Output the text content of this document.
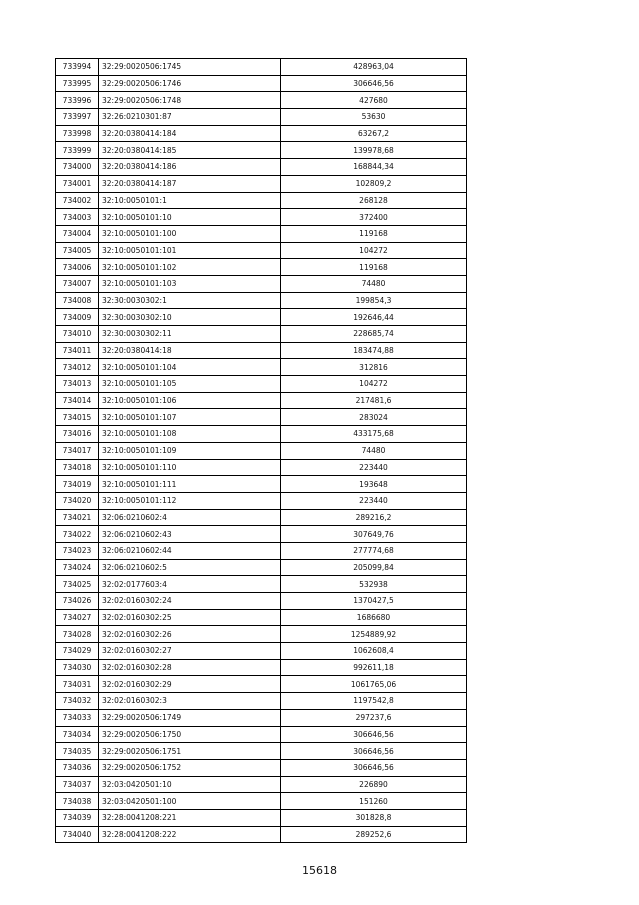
733994	32:29:0020506:1745	428963,04
733995	32:29:0020506:1746	306646,56
733996	32:29:0020506:1748	427680
733997	32:26:0210301:87	53630
733998	32:20:0380414:184	63267,2
733999	32:20:0380414:185	139978,68
734000	32:20:0380414:186	168844,34
734001	32:20:0380414:187	102809,2
734002	32:10:0050101:1	268128
734003	32:10:0050101:10	372400
734004	32:10:0050101:100	119168
734005	32:10:0050101:101	104272
734006	32:10:0050101:102	119168
734007	32:10:0050101:103	74480
734008	32:30:0030302:1	199854,3
734009	32:30:0030302:10	192646,44
734010	32:30:0030302:11	228685,74
734011	32:20:0380414:18	183474,88
734012	32:10:0050101:104	312816
734013	32:10:0050101:105	104272
734014	32:10:0050101:106	217481,6
734015	32:10:0050101:107	283024
734016	32:10:0050101:108	433175,68
734017	32:10:0050101:109	74480
734018	32:10:0050101:110	223440
734019	32:10:0050101:111	193648
734020	32:10:0050101:112	223440
734021	32:06:0210602:4	289216,2
734022	32:06:0210602:43	307649,76
734023	32:06:0210602:44	277774,68
734024	32:06:0210602:5	205099,84
734025	32:02:0177603:4	532938
734026	32:02:0160302:24	1370427,5
734027	32:02:0160302:25	1686680
734028	32:02:0160302:26	1254889,92
734029	32:02:0160302:27	1062608,4
734030	32:02:0160302:28	992611,18
734031	32:02:0160302:29	1061765,06
734032	32:02:0160302:3	1197542,8
734033	32:29:0020506:1749	297237,6
734034	32:29:0020506:1750	306646,56
734035	32:29:0020506:1751	306646,56
734036	32:29:0020506:1752	306646,56
734037	32:03:0420501:10	226890
734038	32:03:0420501:100	151260
734039	32:28:0041208:221	301828,8
734040	32:28:0041208:222	289252,6
15618
